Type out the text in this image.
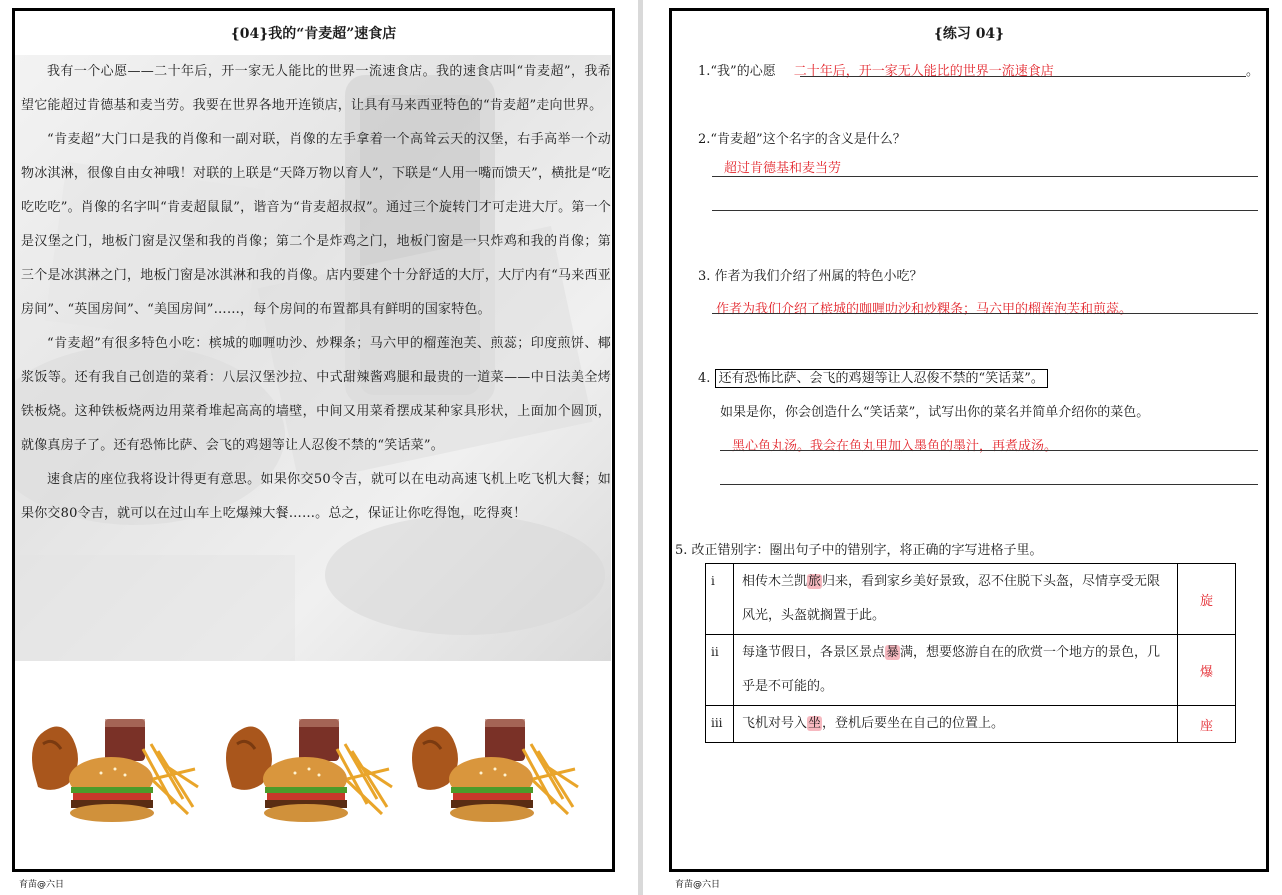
{04}我的“肯麦超”速食店

我有一个心愿——二十年后，开一家无人能比的世界一流速食店。我的速食店叫“肯麦超”，我希望它能超过肯德基和麦当劳。我要在世界各地开连锁店，让具有马来西亚特色的“肯麦超”走向世界。

“肯麦超”大门口是我的肖像和一副对联，肖像的左手拿着一个高耸云天的汉堡，右手高举一个动物冰淇淋，很像自由女神哦！对联的上联是“天降万物以育人”，下联是“人用一嘴而馈天”，横批是“吃吃吃吃”。肖像的名字叫“肯麦超鼠鼠”，谐音为“肯麦超叔叔”。通过三个旋转门才可走进大厅。第一个是汉堡之门，地板门窗是汉堡和我的肖像；第二个是炸鸡之门，地板门窗是一只炸鸡和我的肖像；第三个是冰淇淋之门，地板门窗是冰淇淋和我的肖像。店内要建个十分舒适的大厅，大厅内有“马来西亚房间”、“英国房间”、“美国房间”……，每个房间的布置都具有鲜明的国家特色。

“肯麦超”有很多特色小吃：槟城的咖喱叻沙、炒粿条；马六甲的榴莲泡芙、煎蕊；印度煎饼、椰浆饭等。还有我自己创造的菜肴：八层汉堡沙拉、中式甜辣酱鸡腿和最贵的一道菜——中日法美全烤铁板烧。这种铁板烧两边用菜肴堆起高高的墙壁，中间又用菜肴摆成某种家具形状，上面加个圆顶，就像真房子了。还有恐怖比萨、会飞的鸡翅等让人忍俊不禁的“笑话菜”。

速食店的座位我将设计得更有意思。如果你交50令吉，就可以在电动高速飞机上吃飞机大餐；如果你交80令吉，就可以在过山车上吃爆辣大餐……。总之，保证让你吃得饱，吃得爽！

育苗@六日
{练习 04}
1.“我”的心愿 二十年后，开一家无人能比的世界一流速食店	。
2.“肯麦超”这个名字的含义是什么？
超过肯德基和麦当劳
3. 作者为我们介绍了州属的特色小吃？
作者为我们介绍了槟城的咖喱叻沙和炒粿条；马六甲的榴莲泡芙和煎蕊。
4. 还有恐怖比萨、会飞的鸡翅等让人忍俊不禁的“笑话菜”。
如果是你，你会创造什么“笑话菜”，试写出你的菜名并简单介绍你的菜色。
黑心鱼丸汤。我会在鱼丸里加入墨鱼的墨汁，再煮成汤。
5. 改正错别字：圈出句子中的错别字，将正确的字写进格子里。
i	相传木兰凯旅归来，看到家乡美好景致，忍不住脱下头盔，尽情享受无限风光，头盔就搁置于此。	旋
ii	每逢节假日，各景区景点暴满，想要悠游自在的欣赏一个地方的景色，几乎是不可能的。	爆
iii	飞机对号入坐，登机后要坐在自己的位置上。	座
育苗@六日
